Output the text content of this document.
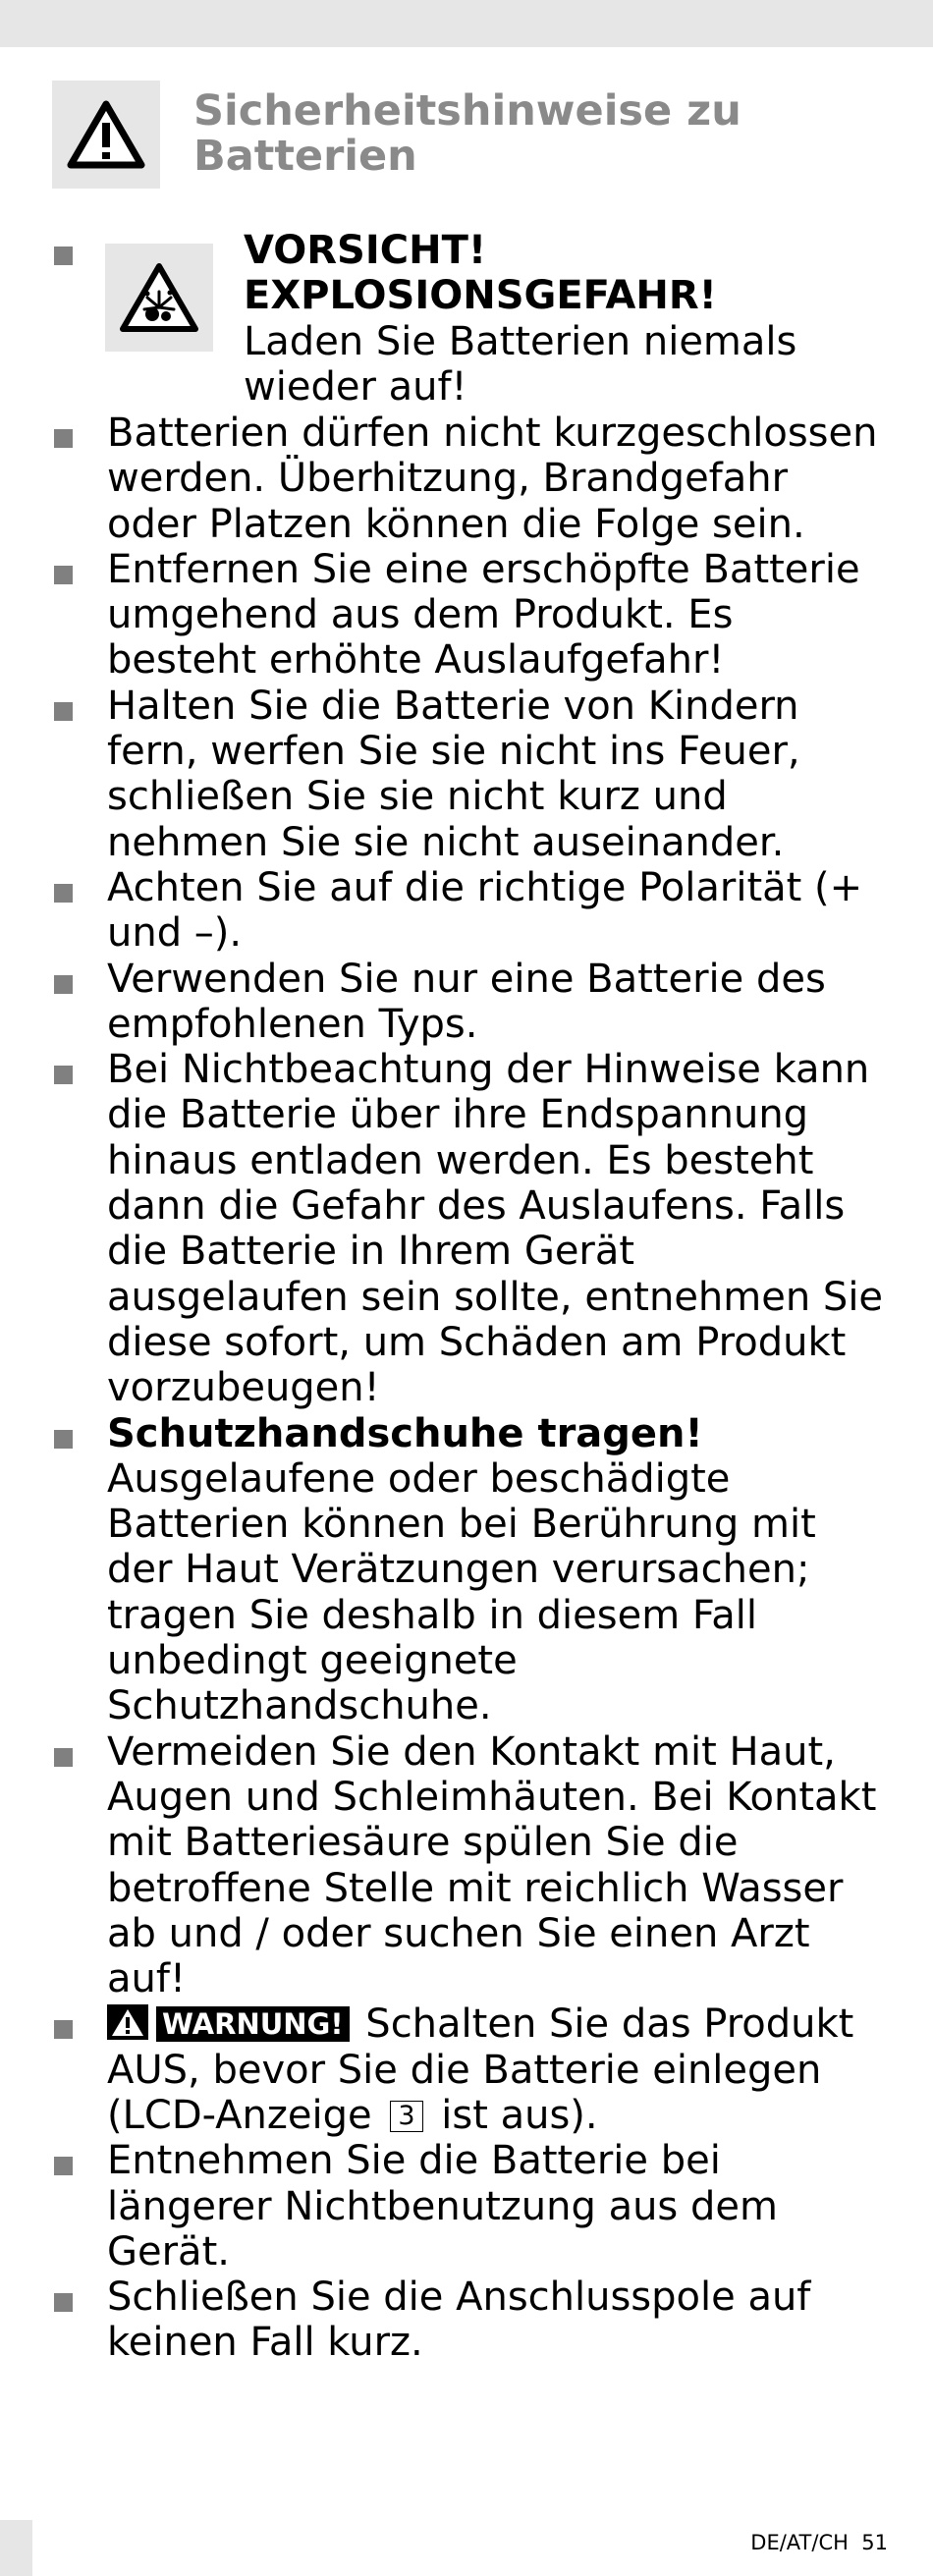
Sicherheitshinweise zu Batterien
VORSICHT!
EXPLOSIONSGEFAHR!
Laden Sie Batterien niemals wieder auf!

Batterien dürfen nicht kurzgeschlossen werden. Überhitzung, Brandgefahr oder Platzen können die Folge sein.

Entfernen Sie eine erschöpfte Batterie umgehend aus dem Produkt. Es besteht erhöhte Auslaufgefahr!

Halten Sie die Batterie von Kindern fern, werfen Sie sie nicht ins Feuer, schließen Sie sie nicht kurz und nehmen Sie sie nicht auseinander.

Achten Sie auf die richtige Polarität (+ und –).

Verwenden Sie nur eine Batterie des empfohlenen Typs.

Bei Nichtbeachtung der Hinweise kann die Batterie über ihre Endspannung hinaus entladen werden. Es besteht dann die Gefahr des Auslaufens. Falls die Batterie in Ihrem Gerät ausgelaufen sein sollte, entnehmen Sie diese sofort, um Schäden am Produkt vorzubeugen!

Schutzhandschuhe tragen!
Ausgelaufene oder beschädigte Batterien können bei Berührung mit der Haut Verätzungen verursachen; tragen Sie deshalb in diesem Fall unbedingt geeignete Schutzhandschuhe.

Vermeiden Sie den Kontakt mit Haut, Augen und Schleimhäuten. Bei Kontakt mit Batteriesäure spülen Sie die betroffene Stelle mit reichlich Wasser ab und / oder suchen Sie einen Arzt auf!

WARNUNG! Schalten Sie das Produkt AUS, bevor Sie die Batterie einlegen (LCD-Anzeige 3 ist aus).

Entnehmen Sie die Batterie bei längerer Nichtbenutzung aus dem Gerät.

Schließen Sie die Anschlusspole auf keinen Fall kurz.

DE/AT/CH 51
